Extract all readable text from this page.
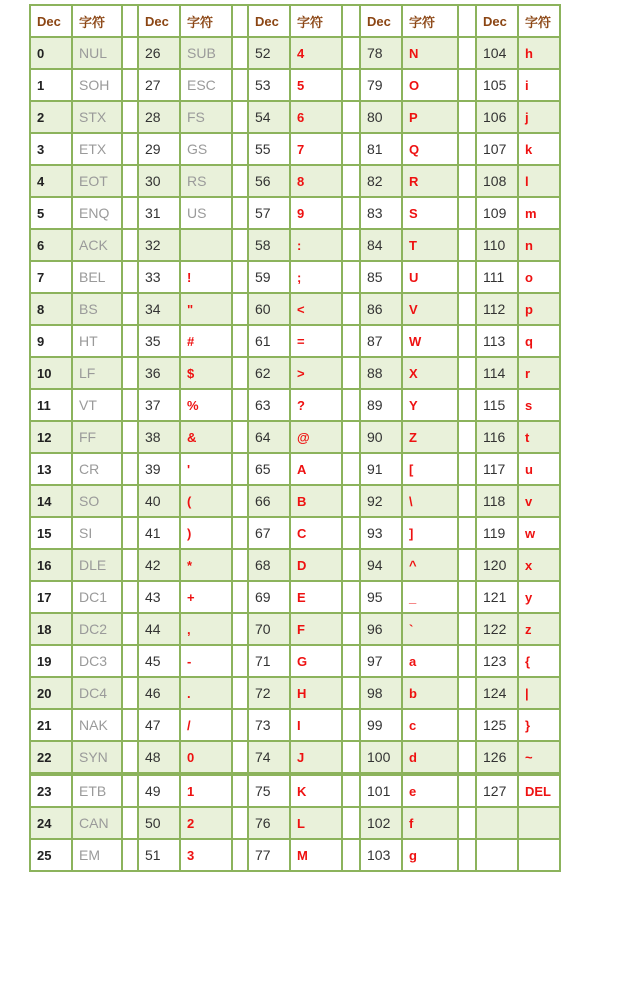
Dec	字符		Dec	字符		Dec	字符		Dec	字符		Dec	字符
0	NUL		26	SUB		52	4		78	N		104	h
1	SOH		27	ESC		53	5		79	O		105	i
2	STX		28	FS		54	6		80	P		106	j
3	ETX		29	GS		55	7		81	Q		107	k
4	EOT		30	RS		56	8		82	R		108	l
5	ENQ		31	US		57	9		83	S		109	m
6	ACK		32			58	:		84	T		110	n
7	BEL		33	!		59	;		85	U		111	o
8	BS		34	"		60	<		86	V		112	p
9	HT		35	#		61	=		87	W		113	q
10	LF		36	$		62	>		88	X		114	r
11	VT		37	%		63	?		89	Y		115	s
12	FF		38	&		64	@		90	Z		116	t
13	CR		39	'		65	A		91	[		117	u
14	SO		40	(		66	B		92	\		118	v
15	SI		41	)		67	C		93	]		119	w
16	DLE		42	*		68	D		94	^		120	x
17	DC1		43	+		69	E		95	_		121	y
18	DC2		44	,		70	F		96	`		122	z
19	DC3		45	-		71	G		97	a		123	{
20	DC4		46	.		72	H		98	b		124	|
21	NAK		47	/		73	I		99	c		125	}
22	SYN		48	0		74	J		100	d		126	~
23	ETB		49	1		75	K		101	e		127	DEL
24	CAN		50	2		76	L		102	f			
25	EM		51	3		77	M		103	g			
